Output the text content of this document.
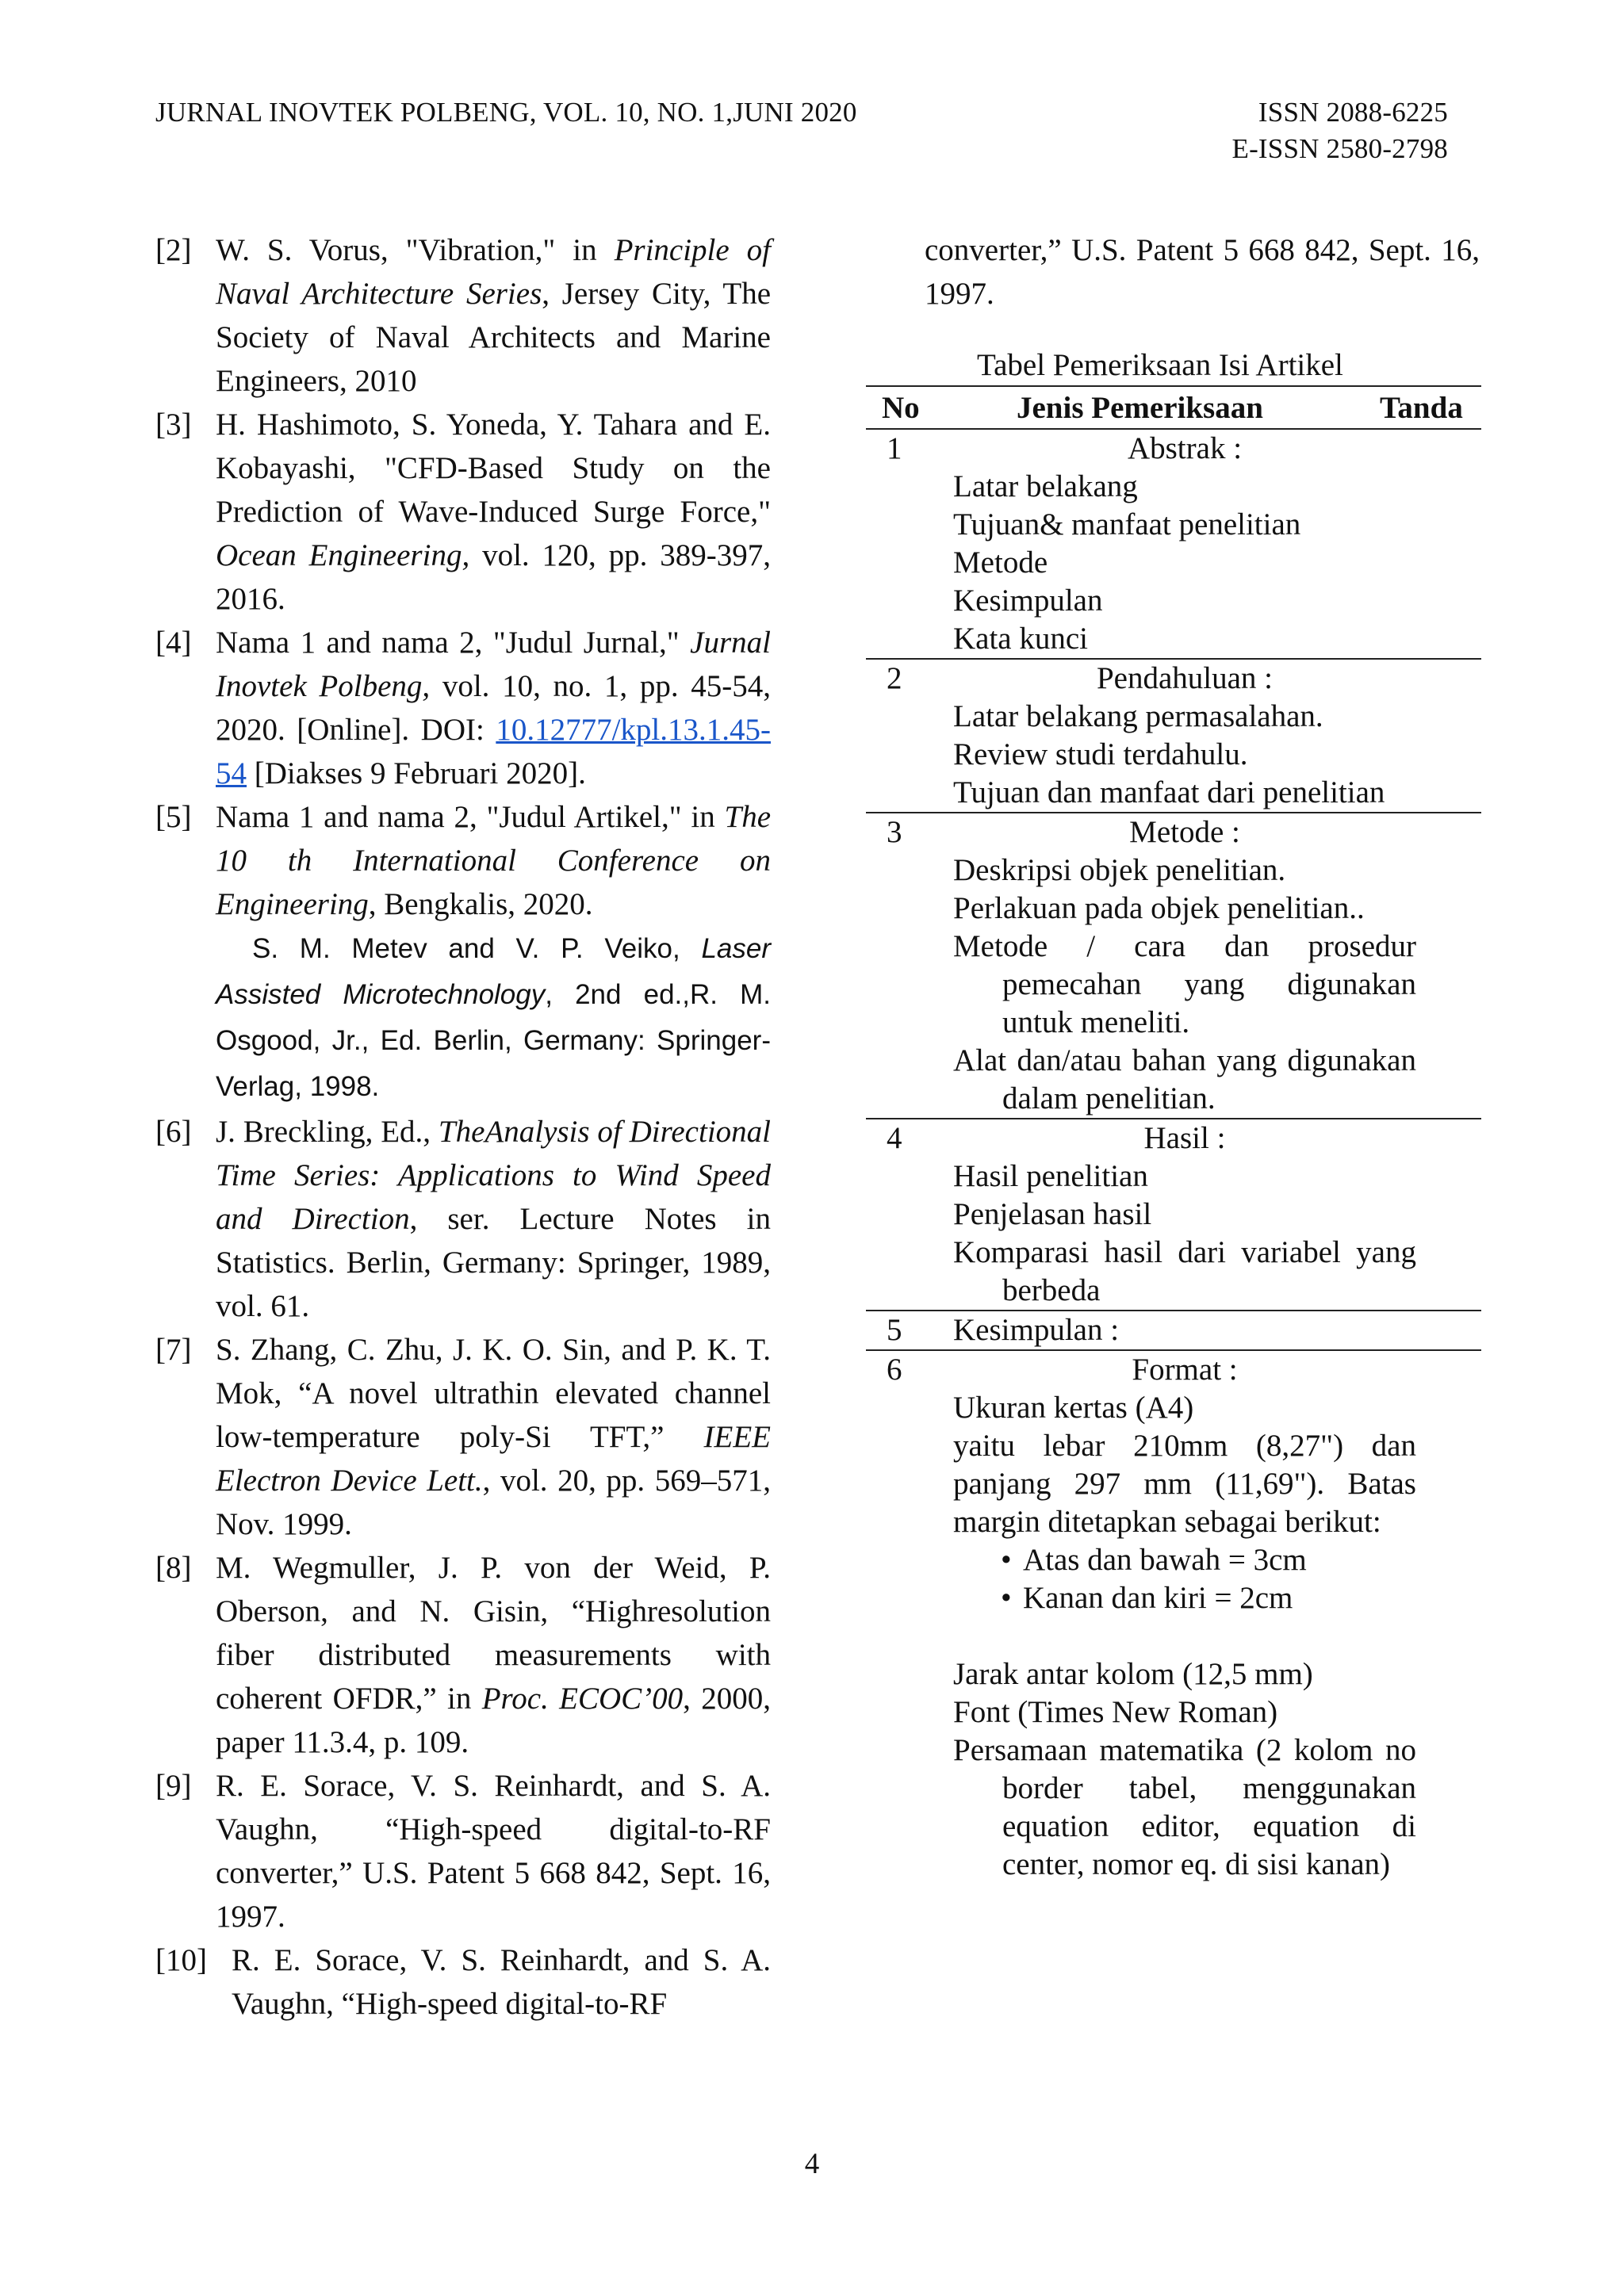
JURNAL INOVTEK POLBENG, VOL. 10, NO. 1,JUNI 2020	ISSN 2088-6225
E-ISSN 2580-2798
[2] W. S. Vorus, "Vibration," in Principle of Naval Architecture Series, Jersey City, The Society of Naval Architects and Marine Engineers, 2010
[3] H. Hashimoto, S. Yoneda, Y. Tahara and E. Kobayashi, "CFD-Based Study on the Prediction of Wave-Induced Surge Force," Ocean Engineering, vol. 120, pp. 389-397, 2016.
[4] Nama 1 and nama 2, "Judul Jurnal," Jurnal Inovtek Polbeng, vol. 10, no. 1, pp. 45-54, 2020. [Online]. DOI: 10.12777/kpl.13.1.45-54 [Diakses 9 Februari 2020].
[5] Nama 1 and nama 2, "Judul Artikel," in The 10 th International Conference on Engineering, Bengkalis, 2020.
S. M. Metev and V. P. Veiko, Laser Assisted Microtechnology, 2nd ed.,R. M. Osgood, Jr., Ed. Berlin, Germany: Springer-Verlag, 1998.
[6] J. Breckling, Ed., TheAnalysis of Directional Time Series: Applications to Wind Speed and Direction, ser. Lecture Notes in Statistics. Berlin, Germany: Springer, 1989, vol. 61.
[7] S. Zhang, C. Zhu, J. K. O. Sin, and P. K. T. Mok, “A novel ultrathin elevated channel low-temperature poly-Si TFT,” IEEE Electron Device Lett., vol. 20, pp. 569–571, Nov. 1999.
[8] M. Wegmuller, J. P. von der Weid, P. Oberson, and N. Gisin, “Highresolution fiber distributed measurements with coherent OFDR,” in Proc. ECOC’00, 2000, paper 11.3.4, p. 109.
[9] R. E. Sorace, V. S. Reinhardt, and S. A. Vaughn, “High-speed digital-to-RF converter,” U.S. Patent 5 668 842, Sept. 16, 1997.
[10] R. E. Sorace, V. S. Reinhardt, and S. A. Vaughn, “High-speed digital-to-RF
converter,” U.S. Patent 5 668 842, Sept. 16, 1997.
Tabel Pemeriksaan Isi Artikel
No	Jenis Pemeriksaan	Tanda
1	Abstrak :
Latar belakang
Tujuan& manfaat penelitian
Metode
Kesimpulan
Kata kunci
2	Pendahuluan :
Latar belakang permasalahan.
Review studi terdahulu.
Tujuan dan manfaat dari penelitian
3	Metode :
Deskripsi objek penelitian.
Perlakuan pada objek penelitian..
Metode / cara dan prosedur pemecahan yang digunakan untuk meneliti.
Alat dan/atau bahan yang digunakan dalam penelitian.
4	Hasil :
Hasil penelitian
Penjelasan hasil
Komparasi hasil dari variabel yang berbeda
5 Kesimpulan :
6	Format :
Ukuran kertas (A4)
yaitu lebar 210mm (8,27") dan panjang 297 mm (11,69"). Batas margin ditetapkan sebagai berikut:
• Atas dan bawah = 3cm
• Kanan dan kiri = 2cm
Jarak antar kolom (12,5 mm)
Font (Times New Roman)
Persamaan matematika (2 kolom no border tabel, menggunakan equation editor, equation di center, nomor eq. di sisi kanan)
4
